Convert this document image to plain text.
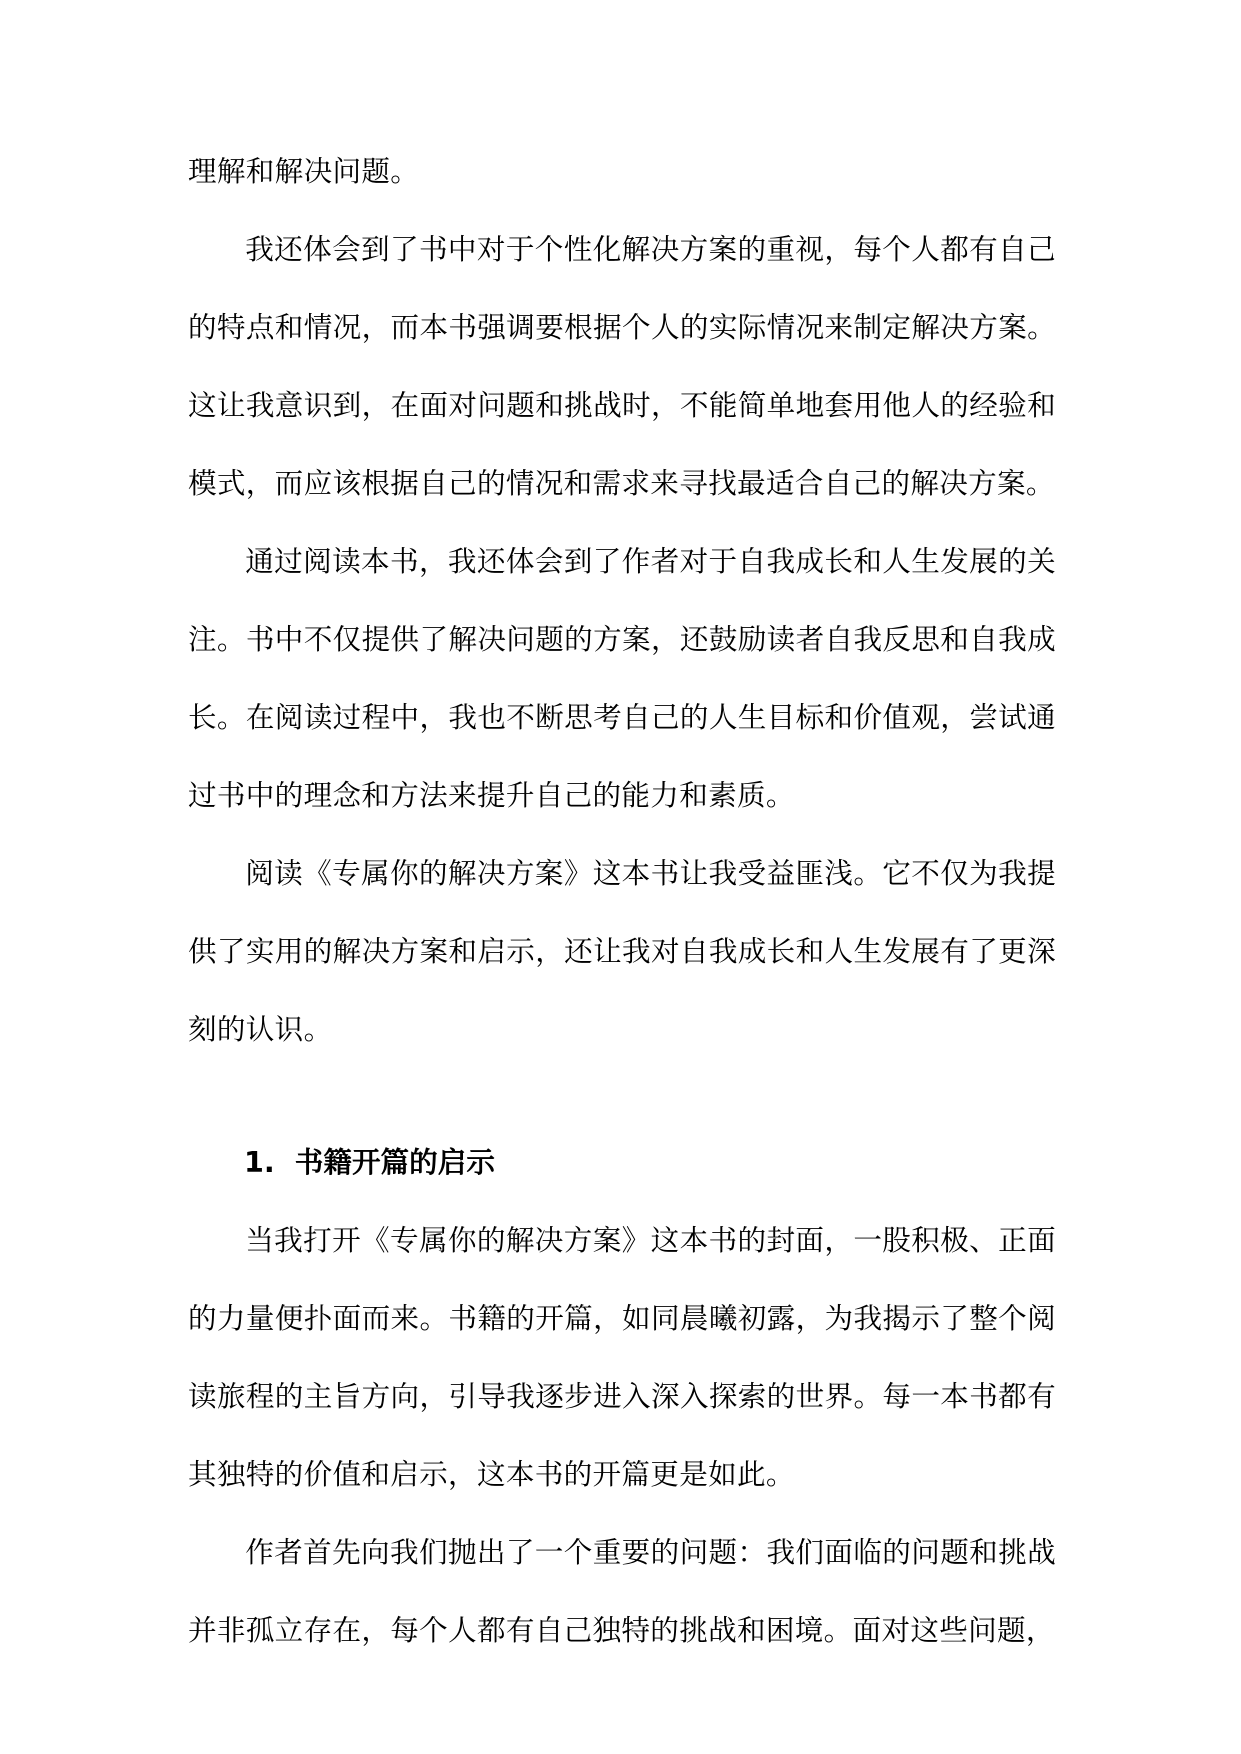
理解和解决问题。

我还体会到了书中对于个性化解决方案的重视，每个人都有自己的特点和情况，而本书强调要根据个人的实际情况来制定解决方案。这让我意识到，在面对问题和挑战时，不能简单地套用他人的经验和模式，而应该根据自己的情况和需求来寻找最适合自己的解决方案。

通过阅读本书，我还体会到了作者对于自我成长和人生发展的关注。书中不仅提供了解决问题的方案，还鼓励读者自我反思和自我成长。在阅读过程中，我也不断思考自己的人生目标和价值观，尝试通过书中的理念和方法来提升自己的能力和素质。

阅读《专属你的解决方案》这本书让我受益匪浅。它不仅为我提供了实用的解决方案和启示，还让我对自我成长和人生发展有了更深刻的认识。

1. 书籍开篇的启示

当我打开《专属你的解决方案》这本书的封面，一股积极、正面的力量便扑面而来。书籍的开篇，如同晨曦初露，为我揭示了整个阅读旅程的主旨方向，引导我逐步进入深入探索的世界。每一本书都有其独特的价值和启示，这本书的开篇更是如此。

作者首先向我们抛出了一个重要的问题：我们面临的问题和挑战并非孤立存在，每个人都有自己独特的挑战和困境。面对这些问题，
